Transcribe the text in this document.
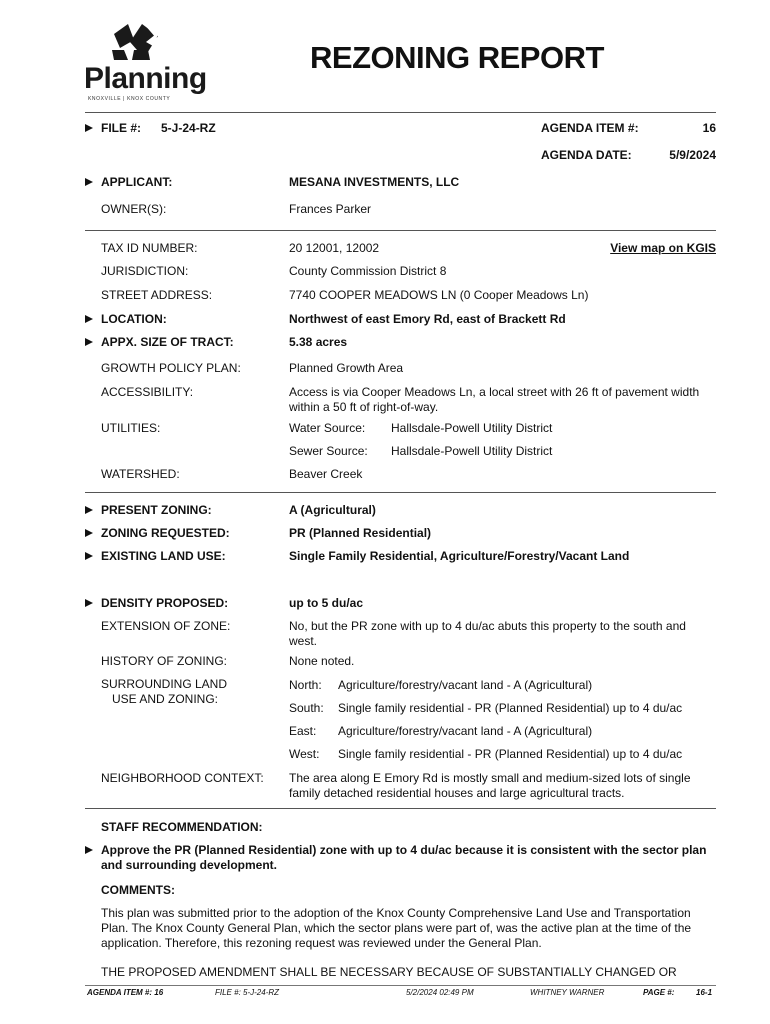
Planning
KNOXVILLE | KNOX COUNTY
REZONING REPORT
FILE #: 5-J-24-RZ	AGENDA ITEM #:	16
AGENDA DATE:	5/9/2024
APPLICANT:	MESANA INVESTMENTS, LLC
OWNER(S):	Frances Parker
TAX ID NUMBER:	20 12001, 12002	View map on KGIS
JURISDICTION:	County Commission District 8
STREET ADDRESS:	7740 COOPER MEADOWS LN (0 Cooper Meadows Ln)
LOCATION:	Northwest of east Emory Rd, east of Brackett Rd
APPX. SIZE OF TRACT:	5.38 acres
GROWTH POLICY PLAN:	Planned Growth Area
ACCESSIBILITY:	Access is via Cooper Meadows Ln, a local street with 26 ft of pavement width within a 50 ft of right-of-way.
UTILITIES:	Water Source: Hallsdale-Powell Utility District
Sewer Source: Hallsdale-Powell Utility District
WATERSHED:	Beaver Creek
PRESENT ZONING:	A (Agricultural)
ZONING REQUESTED:	PR (Planned Residential)
EXISTING LAND USE:	Single Family Residential, Agriculture/Forestry/Vacant Land
DENSITY PROPOSED:	up to 5 du/ac
EXTENSION OF ZONE:	No, but the PR zone with up to 4 du/ac abuts this property to the south and west.
HISTORY OF ZONING:	None noted.
SURROUNDING LAND
USE AND ZONING:
North: Agriculture/forestry/vacant land - A (Agricultural)
South: Single family residential - PR (Planned Residential) up to 4 du/ac
East: Agriculture/forestry/vacant land - A (Agricultural)
West: Single family residential - PR (Planned Residential) up to 4 du/ac
NEIGHBORHOOD CONTEXT: The area along E Emory Rd is mostly small and medium-sized lots of single family detached residential houses and large agricultural tracts.
STAFF RECOMMENDATION:
Approve the PR (Planned Residential) zone with up to 4 du/ac because it is consistent with the sector plan and surrounding development.
COMMENTS:
This plan was submitted prior to the adoption of the Knox County Comprehensive Land Use and Transportation Plan. The Knox County General Plan, which the sector plans were part of, was the active plan at the time of the application. Therefore, this rezoning request was reviewed under the General Plan.
THE PROPOSED AMENDMENT SHALL BE NECESSARY BECAUSE OF SUBSTANTIALLY CHANGED OR
AGENDA ITEM #: 16	FILE #: 5-J-24-RZ	5/2/2024 02:49 PM	WHITNEY WARNER	PAGE #:	16-1
